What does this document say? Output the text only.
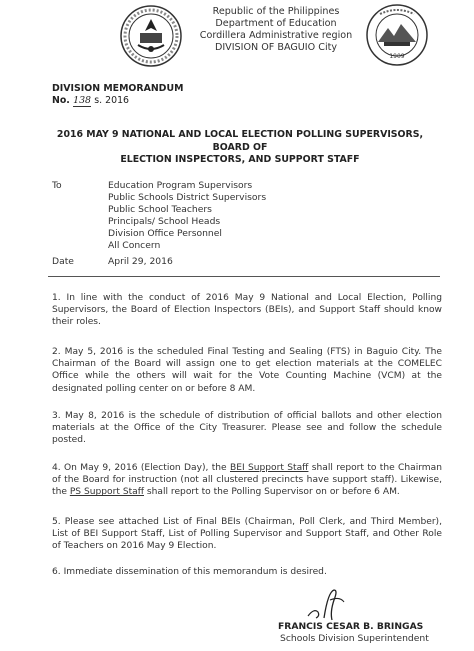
Republic of the Philippines
Department of Education
Cordillera Administrative region
DIVISION OF BAGUIO City
1909
DIVISION MEMORANDUM
No. 138 s. 2016
2016 MAY 9 NATIONAL AND LOCAL ELECTION POLLING SUPERVISORS, BOARD OF
ELECTION INSPECTORS, AND SUPPORT STAFF
To	Education Program Supervisors
Public Schools District Supervisors
Public School Teachers
Principals/ School Heads
Division Office Personnel
All Concern
Date	April 29, 2016
1. In line with the conduct of 2016 May 9 National and Local Election, Polling Supervisors, the Board of Election Inspectors (BEIs), and Support Staff should know their roles.
2. May 5, 2016 is the scheduled Final Testing and Sealing (FTS) in Baguio City. The Chairman of the Board will assign one to get election materials at the COMELEC Office while the others will wait for the Vote Counting Machine (VCM) at the designated polling center on or before 8 AM.
3. May 8, 2016 is the schedule of distribution of official ballots and other election materials at the Office of the City Treasurer. Please see and follow the schedule posted.
4. On May 9, 2016 (Election Day), the BEI Support Staff shall report to the Chairman of the Board for instruction (not all clustered precincts have support staff). Likewise, the PS Support Staff shall report to the Polling Supervisor on or before 6 AM.
5. Please see attached List of Final BEIs (Chairman, Poll Clerk, and Third Member), List of BEI Support Staff, List of Polling Supervisor and Support Staff, and Other Role of Teachers on 2016 May 9 Election.
6. Immediate dissemination of this memorandum is desired.
FRANCIS CESAR B. BRINGAS
Schools Division Superintendent
